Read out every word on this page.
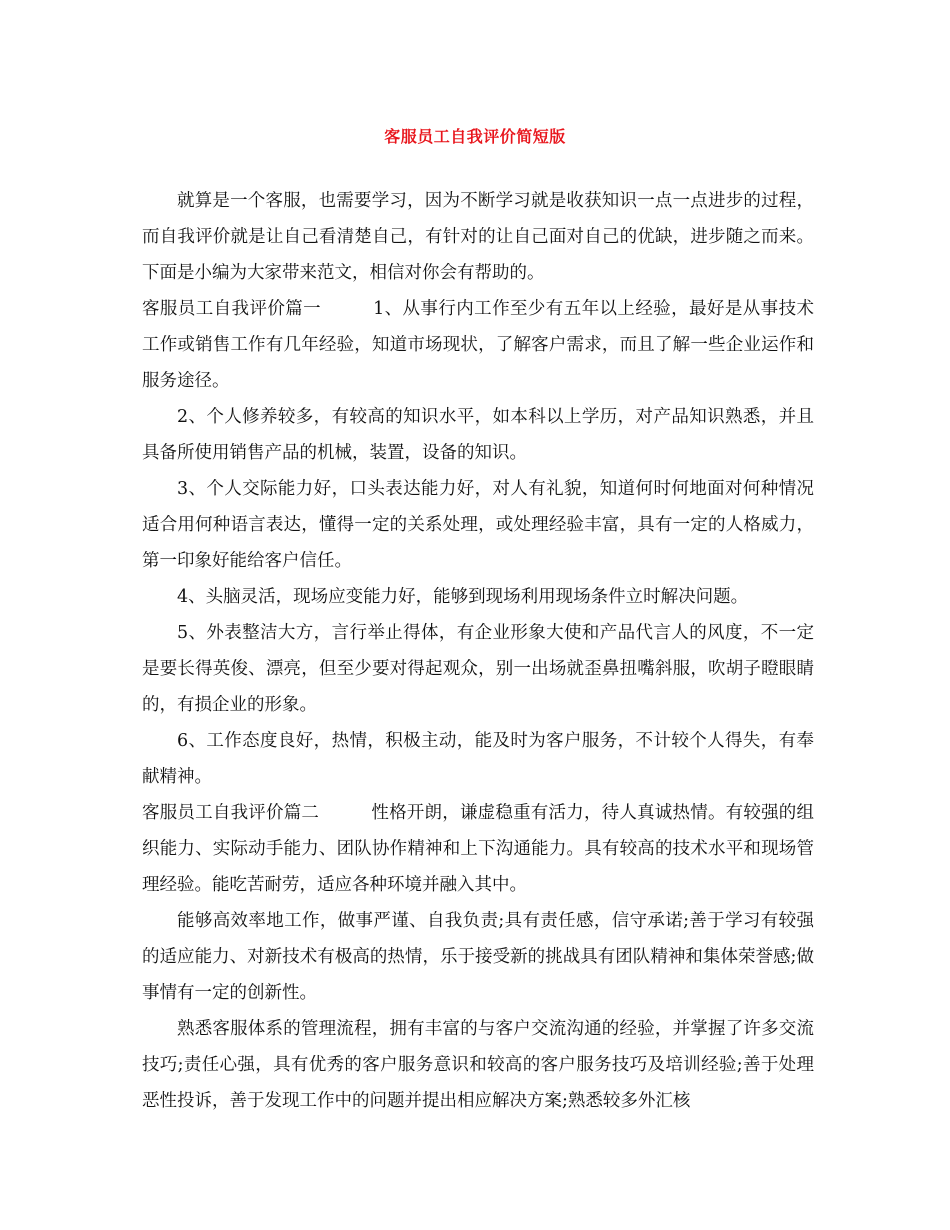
客服员工自我评价简短版

就算是一个客服，也需要学习，因为不断学习就是收获知识一点一点进步的过程，而自我评价就是让自己看清楚自己，有针对的让自己面对自己的优缺，进步随之而来。下面是小编为大家带来范文，相信对你会有帮助的。

客服员工自我评价篇一	1、从事行内工作至少有五年以上经验，最好是从事技术工作或销售工作有几年经验，知道市场现状，了解客户需求，而且了解一些企业运作和服务途径。

2、个人修养较多，有较高的知识水平，如本科以上学历，对产品知识熟悉，并且具备所使用销售产品的机械，装置，设备的知识。

3、个人交际能力好，口头表达能力好，对人有礼貌，知道何时何地面对何种情况适合用何种语言表达，懂得一定的关系处理，或处理经验丰富，具有一定的人格威力，第一印象好能给客户信任。

4、头脑灵活，现场应变能力好，能够到现场利用现场条件立时解决问题。

5、外表整洁大方，言行举止得体，有企业形象大使和产品代言人的风度，不一定是要长得英俊、漂亮，但至少要对得起观众，别一出场就歪鼻扭嘴斜服，吹胡子瞪眼睛的，有损企业的形象。

6、工作态度良好，热情，积极主动，能及时为客户服务，不计较个人得失，有奉献精神。

客服员工自我评价篇二	性格开朗，谦虚稳重有活力，待人真诚热情。有较强的组织能力、实际动手能力、团队协作精神和上下沟通能力。具有较高的技术水平和现场管理经验。能吃苦耐劳，适应各种环境并融入其中。

能够高效率地工作，做事严谨、自我负责;具有责任感，信守承诺;善于学习有较强的适应能力、对新技术有极高的热情，乐于接受新的挑战具有团队精神和集体荣誉感;做事情有一定的创新性。

熟悉客服体系的管理流程，拥有丰富的与客户交流沟通的经验，并掌握了许多交流技巧;责任心强，具有优秀的客户服务意识和较高的客户服务技巧及培训经验;善于处理恶性投诉，善于发现工作中的问题并提出相应解决方案;熟悉较多外汇核
